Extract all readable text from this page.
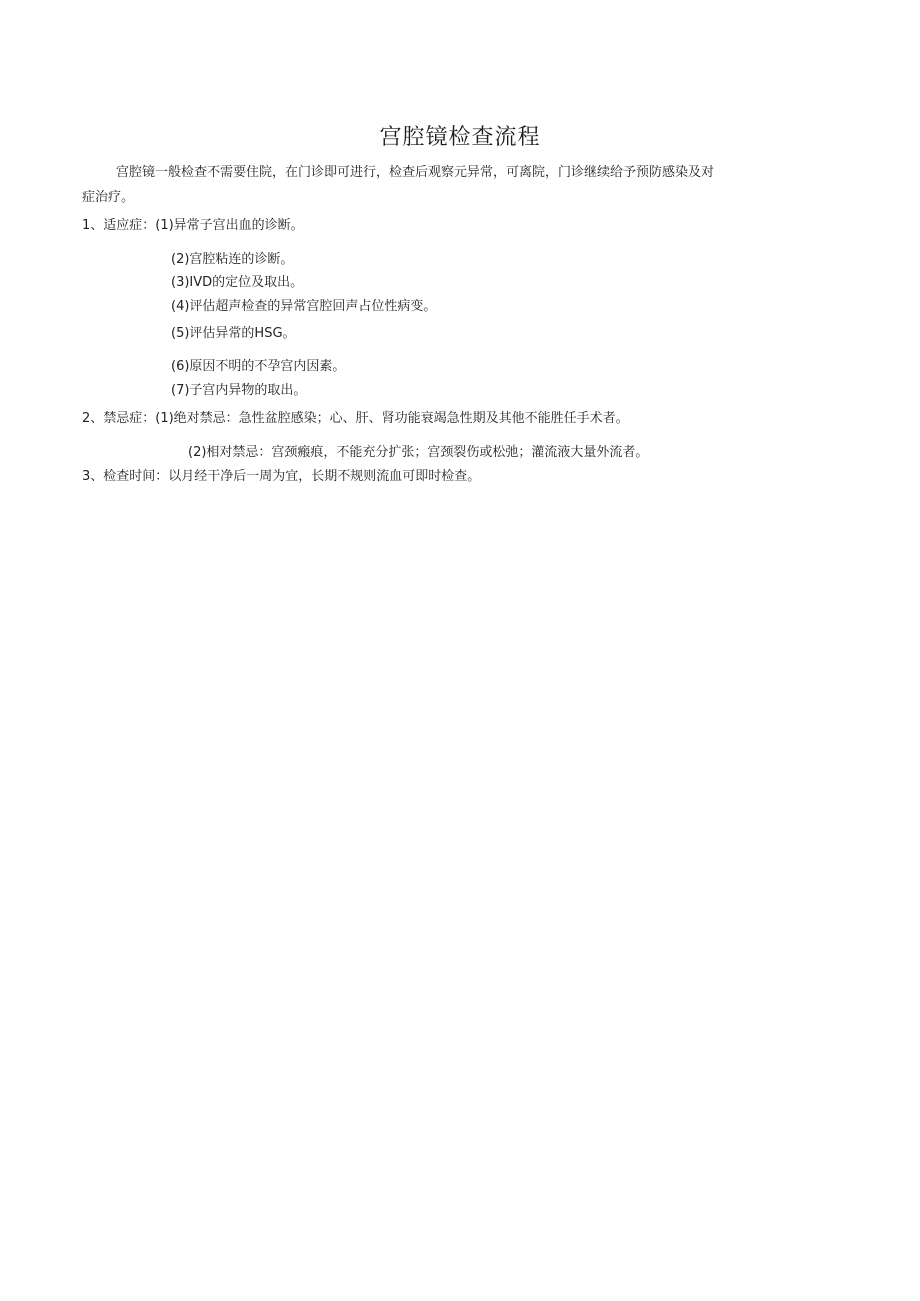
宫腔镜检查流程
宫腔镜一般检查不需要住院，在门诊即可进行，检查后观察元异常，可离院，门诊继续给予预防感染及对
症治疗。
1、适应症：(1)异常子宫出血的诊断。
(2)宫腔粘连的诊断。
(3)IVD的定位及取出。
(4)评估超声检查的异常宫腔回声占位性病变。
(5)评估异常的HSG。
(6)原因不明的不孕宫内因素。
(7)子宫内异物的取出。
2、禁忌症：(1)绝对禁忌：急性盆腔感染；心、肝、肾功能衰竭急性期及其他不能胜任手术者。
(2)相对禁忌：宫颈瘢痕，不能充分扩张；宫颈裂伤或松弛；灌流液大量外流者。
3、检查时间：以月经干净后一周为宜，长期不规则流血可即时检查。
